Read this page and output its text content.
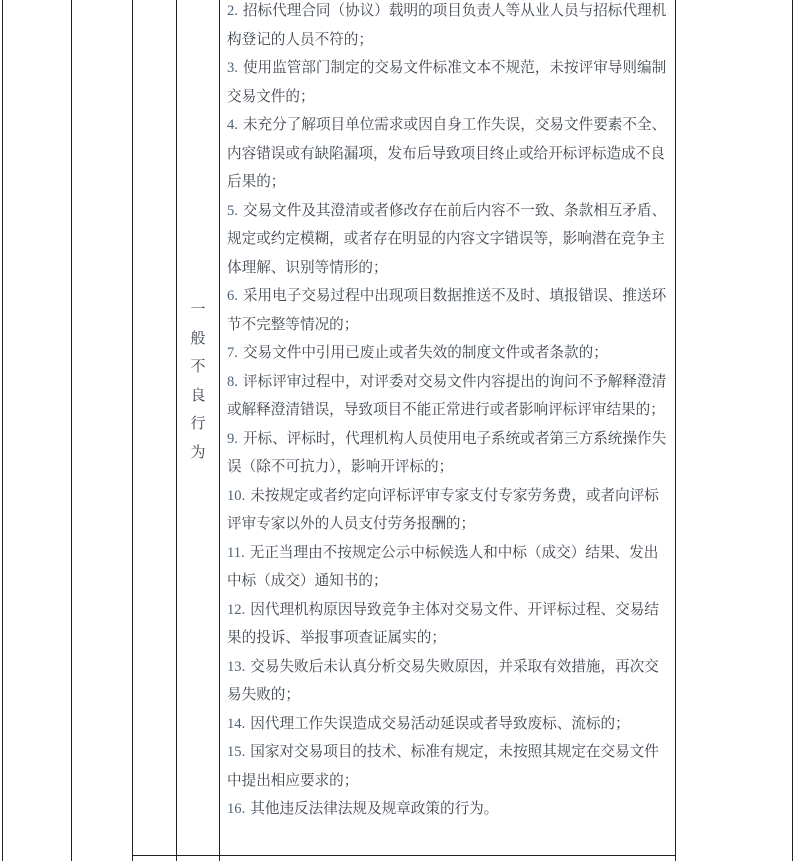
一
般
不
良
行
为

2. 招标代理合同（协议）载明的项目负责人等从业人员与招标代理机构登记的人员不符的；

3. 使用监管部门制定的交易文件标准文本不规范，未按评审导则编制交易文件的；

4. 未充分了解项目单位需求或因自身工作失误，交易文件要素不全、内容错误或有缺陷漏项，发布后导致项目终止或给开标评标造成不良后果的；

5. 交易文件及其澄清或者修改存在前后内容不一致、条款相互矛盾、规定或约定模糊，或者存在明显的内容文字错误等，影响潜在竞争主体理解、识别等情形的；

6. 采用电子交易过程中出现项目数据推送不及时、填报错误、推送环节不完整等情况的；

7. 交易文件中引用已废止或者失效的制度文件或者条款的；

8. 评标评审过程中，对评委对交易文件内容提出的询问不予解释澄清或解释澄清错误，导致项目不能正常进行或者影响评标评审结果的；

9. 开标、评标时，代理机构人员使用电子系统或者第三方系统操作失误（除不可抗力），影响开评标的；

10. 未按规定或者约定向评标评审专家支付专家劳务费，或者向评标评审专家以外的人员支付劳务报酬的；

11. 无正当理由不按规定公示中标候选人和中标（成交）结果、发出中标（成交）通知书的；

12. 因代理机构原因导致竞争主体对交易文件、开评标过程、交易结果的投诉、举报事项查证属实的；

13. 交易失败后未认真分析交易失败原因，并采取有效措施，再次交易失败的；

14. 因代理工作失误造成交易活动延误或者导致废标、流标的；

15. 国家对交易项目的技术、标准有规定，未按照其规定在交易文件中提出相应要求的；

16. 其他违反法律法规及规章政策的行为。
